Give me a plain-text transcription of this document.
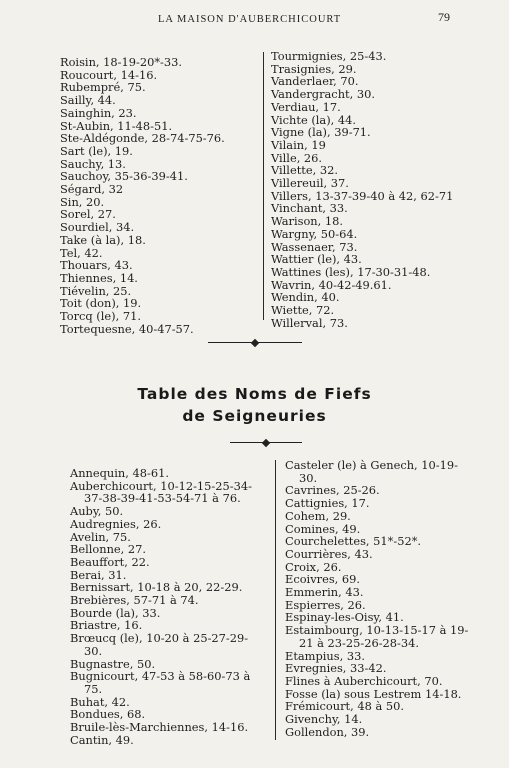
LA MAISON D'AUBERCHICOURT	79
Roisin, 18-19-20*-33.
Roucourt, 14-16.
Rubempré, 75.
Sailly, 44.
Sainghin, 23.
St-Aubin, 11-48-51.
Ste-Aldégonde, 28-74-75-76.
Sart (le), 19.
Sauchy, 13.
Sauchoy, 35-36-39-41.
Ségard, 32
Sin, 20.
Sorel, 27.
Sourdiel, 34.
Take (à la), 18.
Tel, 42.
Thouars, 43.
Thiennes, 14.
Tiévelin, 25.
Toit (don), 19.
Torcq (le), 71.
Tortequesne, 40-47-57.
Tourmignies, 25-43.
Trasignies, 29.
Vanderlaer, 70.
Vandergracht, 30.
Verdiau, 17.
Vichte (la), 44.
Vigne (la), 39-71.
Vilain, 19
Ville, 26.
Villette, 32.
Villereuil, 37.
Villers, 13-37-39-40 à 42, 62-71
Vinchant, 33.
Warison, 18.
Wargny, 50-64.
Wassenaer, 73.
Wattier (le), 43.
Wattines (les), 17-30-31-48.
Wavrin, 40-42-49.61.
Wendin, 40.
Wiette, 72.
Willerval, 73.
Table des Noms de Fiefs
de Seigneuries
Annequin, 48-61.
Auberchicourt, 10-12-15-25-34-
37-38-39-41-53-54-71 à 76.
Auby, 50.
Audregnies, 26.
Avelin, 75.
Bellonne, 27.
Beauffort, 22.
Berai, 31.
Bernissart, 10-18 à 20, 22-29.
Brebières, 57-71 à 74.
Bourde (la), 33.
Briastre, 16.
Brœucq (le), 10-20 à 25-27-29-
30.
Bugnastre, 50.
Bugnicourt, 47-53 à 58-60-73 à
75.
Buhat, 42.
Bondues, 68.
Bruile-lès-Marchiennes, 14-16.
Cantin, 49.
Casteler (le) à Genech, 10-19-
30.
Cavrines, 25-26.
Cattignies, 17.
Cohem, 29.
Comines, 49.
Courchelettes, 51*-52*.
Courrières, 43.
Croix, 26.
Ecoivres, 69.
Emmerin, 43.
Espierres, 26.
Espinay-les-Oisy, 41.
Estaimbourg, 10-13-15-17 à 19-
21 à 23-25-26-28-34.
Etampius, 33.
Evregnies, 33-42.
Flines à Auberchicourt, 70.
Fosse (la) sous Lestrem 14-18.
Frémicourt, 48 à 50.
Givenchy, 14.
Gollendon, 39.
